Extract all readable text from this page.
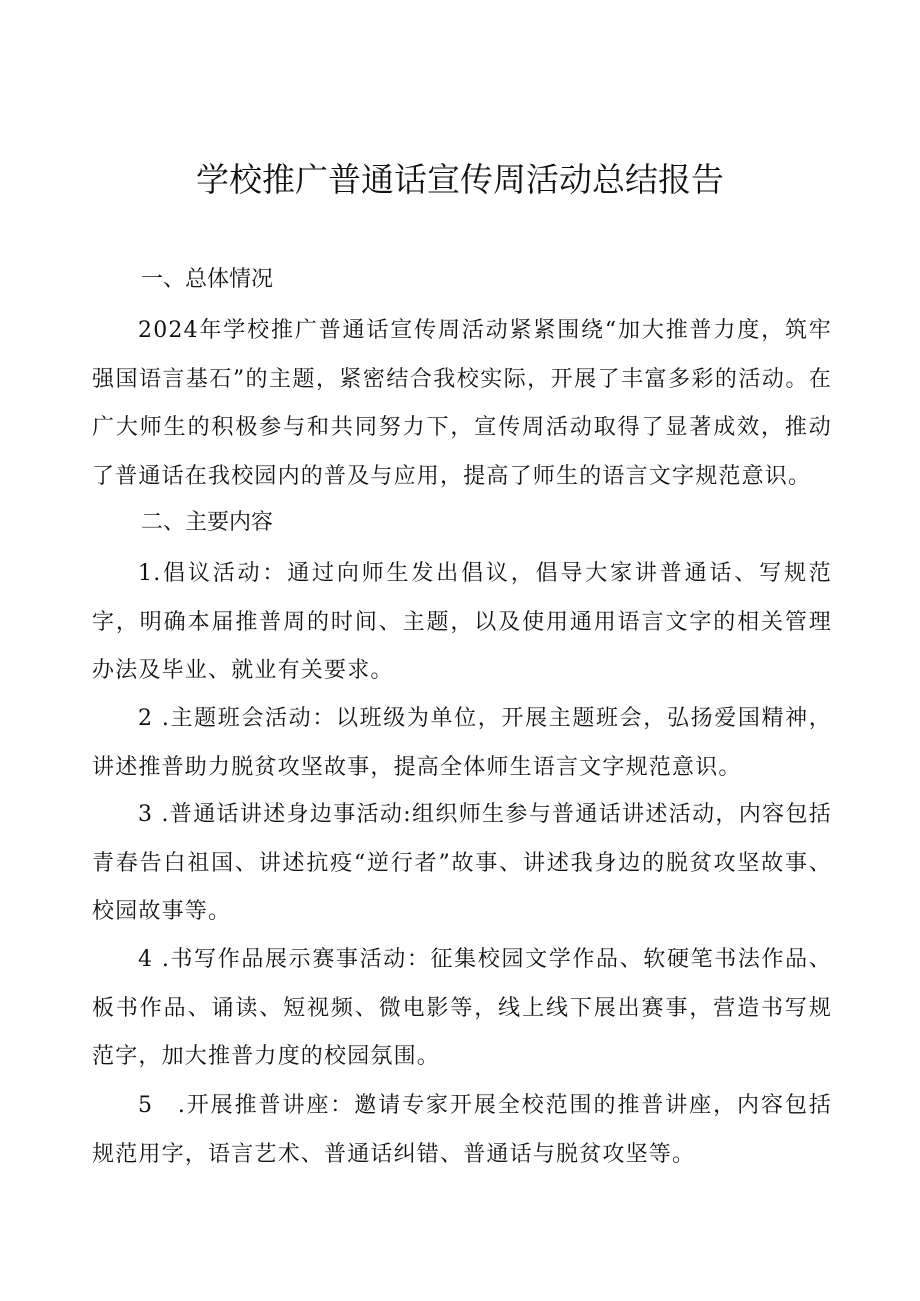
学校推广普通话宣传周活动总结报告
一、总体情况

2024年学校推广普通话宣传周活动紧紧围绕“加大推普力度，筑牢强国语言基石”的主题，紧密结合我校实际，开展了丰富多彩的活动。在广大师生的积极参与和共同努力下，宣传周活动取得了显著成效，推动了普通话在我校园内的普及与应用，提高了师生的语言文字规范意识。

二、主要内容

1.倡议活动：通过向师生发出倡议，倡导大家讲普通话、写规范字，明确本届推普周的时间、主题，以及使用通用语言文字的相关管理办法及毕业、就业有关要求。

2 .主题班会活动：以班级为单位，开展主题班会，弘扬爱国精神，讲述推普助力脱贫攻坚故事，提高全体师生语言文字规范意识。

3 .普通话讲述身边事活动:组织师生参与普通话讲述活动，内容包括青春告白祖国、讲述抗疫“逆行者”故事、讲述我身边的脱贫攻坚故事、校园故事等。

4 .书写作品展示赛事活动：征集校园文学作品、软硬笔书法作品、板书作品、诵读、短视频、微电影等，线上线下展出赛事，营造书写规范字，加大推普力度的校园氛围。

5　.开展推普讲座：邀请专家开展全校范围的推普讲座，内容包括规范用字，语言艺术、普通话纠错、普通话与脱贫攻坚等。
